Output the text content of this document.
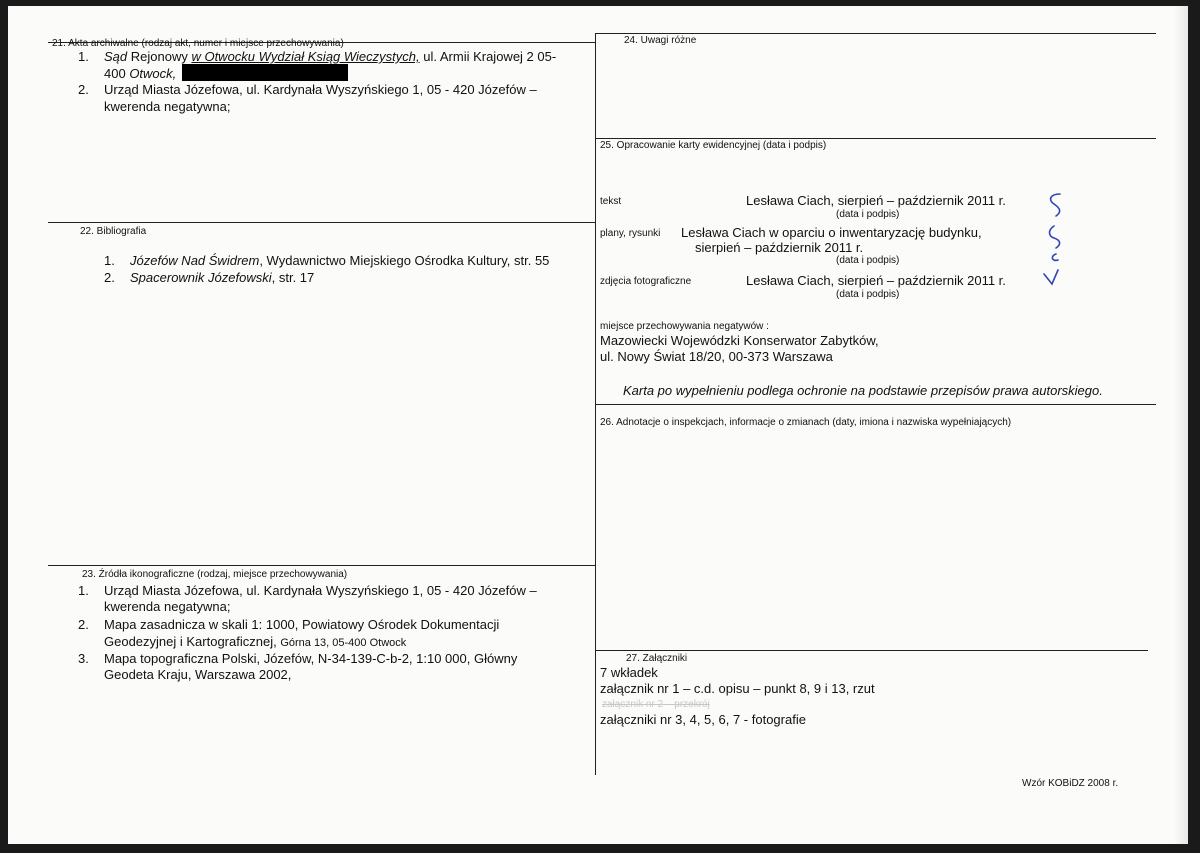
21. Akta archiwalne (rodzaj akt, numer i miejsce przechowywania)
1. Sąd Rejonowy w Otwocku Wydział Ksiąg Wieczystych, ul. Armii Krajowej 2 05-
400 Otwock,
2. Urząd Miasta Józefowa, ul. Kardynała Wyszyńskiego 1, 05 - 420 Józefów –
kwerenda negatywna;
22. Bibliografia
1. Józefów Nad Świdrem, Wydawnictwo Miejskiego Ośrodka Kultury, str. 55
2. Spacerownik Józefowski, str. 17
23. Źródła ikonograficzne (rodzaj, miejsce przechowywania)
1. Urząd Miasta Józefowa, ul. Kardynała Wyszyńskiego 1, 05 - 420 Józefów –
kwerenda negatywna;
2. Mapa zasadnicza w skali 1: 1000, Powiatowy Ośrodek Dokumentacji
Geodezyjnej i Kartograficznej, Górna 13, 05-400 Otwock
3. Mapa topograficzna Polski, Józefów, N-34-139-C-b-2, 1:10 000, Główny
Geodeta Kraju, Warszawa 2002,
24. Uwagi różne
25. Opracowanie karty ewidencyjnej (data i podpis)
tekst	Lesława Ciach, sierpień – październik 2011 r.
(data i podpis)
plany, rysunki Lesława Ciach w oparciu o inwentaryzację budynku,
sierpień – październik 2011 r.
(data i podpis)
zdjęcia fotograficzne	Lesława Ciach, sierpień – październik 2011 r.
(data i podpis)
miejsce przechowywania negatywów :
Mazowiecki Wojewódzki Konserwator Zabytków,
ul. Nowy Świat 18/20, 00-373 Warszawa
Karta po wypełnieniu podlega ochronie na podstawie przepisów prawa autorskiego.
26. Adnotacje o inspekcjach, informacje o zmianach (daty, imiona i nazwiska wypełniających)
27. Załączniki
7 wkładek
załącznik nr 1 – c.d. opisu – punkt 8, 9 i 13, rzut
załącznik nr 2 – przekrój
załączniki nr 3, 4, 5, 6, 7 - fotografie
Wzór KOBiDZ 2008 r.
